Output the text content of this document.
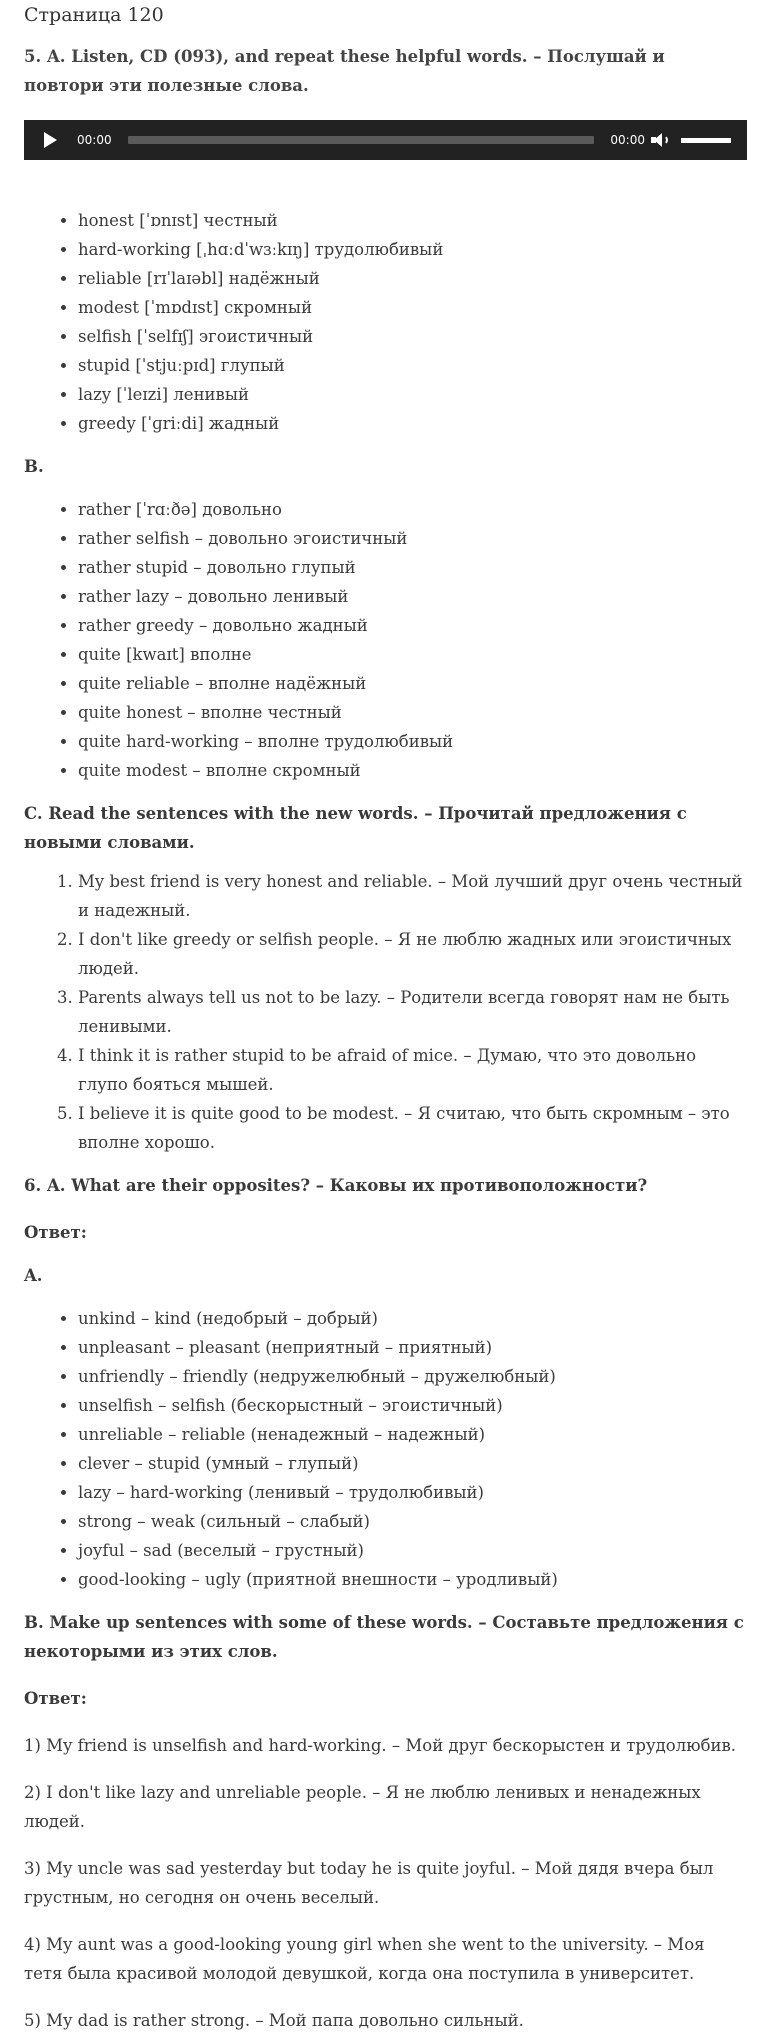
Страница 120

5. A. Listen, CD (093), and repeat these helpful words. – Послушай и повтори эти полезные слова.

00:00	00:00
• honest [ˈɒnɪst] честный
• hard-working [ˌhɑːdˈwɜːkɪŋ] трудолюбивый
• reliable [rɪˈlaɪəbl] надёжный
• modest [ˈmɒdɪst] скромный
• selfish [ˈselfɪʃ] эгоистичный
• stupid [ˈstjuːpɪd] глупый
• lazy [ˈleɪzi] ленивый
• greedy [ˈɡriːdi] жадный

B.

• rather [ˈrɑːðə] довольно
• rather selfish – довольно эгоистичный
• rather stupid – довольно глупый
• rather lazy – довольно ленивый
• rather greedy – довольно жадный
• quite [kwaɪt] вполне
• quite reliable – вполне надёжный
• quite honest – вполне честный
• quite hard-working – вполне трудолюбивый
• quite modest – вполне скромный

C. Read the sentences with the new words. – Прочитай предложения с новыми словами.

1. My best friend is very honest and reliable. – Мой лучший друг очень честный и надежный.
2. I don't like greedy or selfish people. – Я не люблю жадных или эгоистичных людей.
3. Parents always tell us not to be lazy. – Родители всегда говорят нам не быть ленивыми.
4. I think it is rather stupid to be afraid of mice. – Думаю, что это довольно глупо бояться мышей.
5. I believe it is quite good to be modest. – Я считаю, что быть скромным – это вполне хорошо.

6. A. What are their opposites? – Каковы их противоположности?

Ответ:

A.

• unkind – kind (недобрый – добрый)
• unpleasant – pleasant (неприятный – приятный)
• unfriendly – friendly (недружелюбный – дружелюбный)
• unselfish – selfish (бескорыстный – эгоистичный)
• unreliable – reliable (ненадежный – надежный)
• clever – stupid (умный – глупый)
• lazy – hard-working (ленивый – трудолюбивый)
• strong – weak (сильный – слабый)
• joyful – sad (веселый – грустный)
• good-looking – ugly (приятной внешности – уродливый)

B. Make up sentences with some of these words. – Составьте предложения с некоторыми из этих слов.

Ответ:

1) My friend is unselfish and hard-working. – Мой друг бескорыстен и трудолюбив.

2) I don't like lazy and unreliable people. – Я не люблю ленивых и ненадежных людей.

3) My uncle was sad yesterday but today he is quite joyful. – Мой дядя вчера был грустным, но сегодня он очень веселый.

4) My aunt was a good-looking young girl when she went to the university. – Моя тетя была красивой молодой девушкой, когда она поступила в университет.

5) My dad is rather strong. – Мой папа довольно сильный.
